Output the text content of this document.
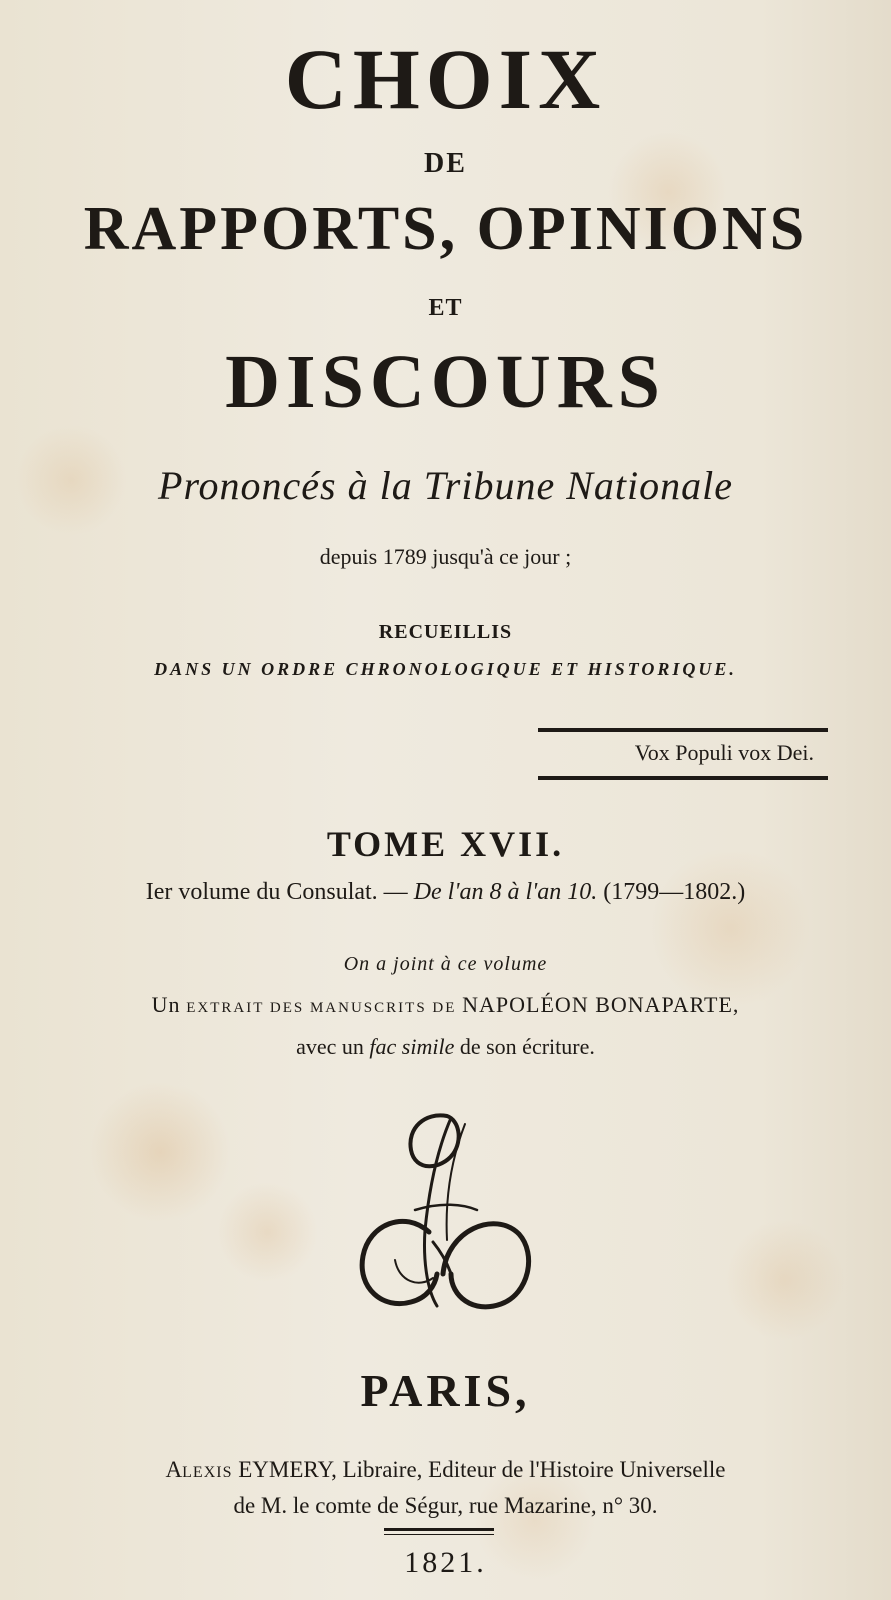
CHOIX
DE
RAPPORTS, OPINIONS
ET
DISCOURS
Prononcés à la Tribune Nationale
depuis 1789 jusqu'à ce jour ;
RECUEILLIS
DANS UN ORDRE CHRONOLOGIQUE ET HISTORIQUE.
Vox Populi vox Dei.
TOME XVII.
Ier volume du Consulat. — De l'an 8 à l'an 10. (1799—1802.)
On a joint à ce volume
Un EXTRAIT DES MANUSCRITS DE NAPOLÉON BONAPARTE,
avec un fac simile de son écriture.
PARIS,
ALEXIS EYMERY, Libraire, Editeur de l'Histoire Universelle
de M. le comte de Ségur, rue Mazarine, n° 30.
1821.
